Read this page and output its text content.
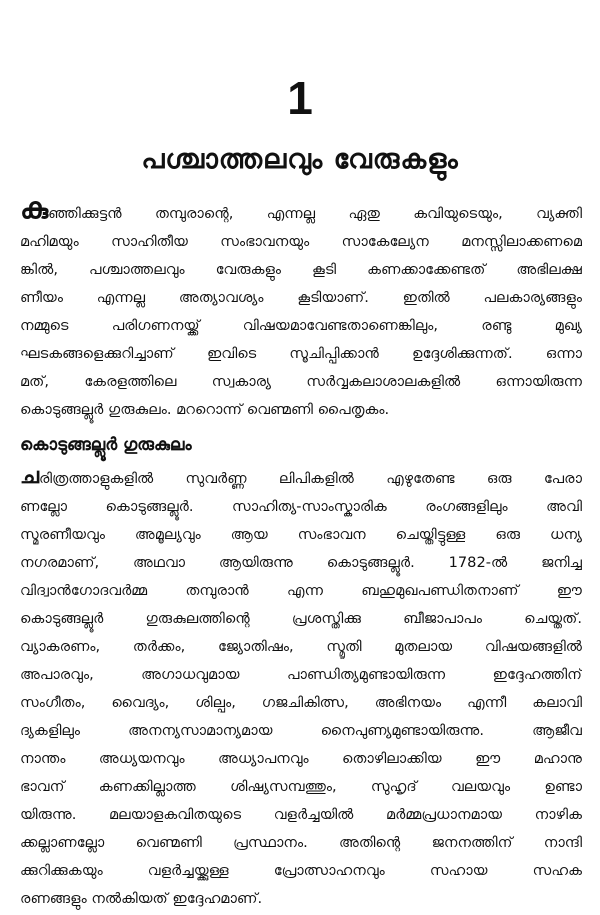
1
പശ്ചാത്തലവും വേരുകളും
കുഞ്ഞിക്കുട്ടൻ തമ്പുരാന്റെ, എന്നല്ല ഏതു കവിയുടെയും, വ്യക്തി
മഹിമയും സാഹിതീയ സംഭാവനയും സാകേല്യേന മനസ്സിലാക്കണമെ
ങ്കിൽ, പശ്ചാത്തലവും വേരുകളും കൂടി കണക്കാക്കേണ്ടത് അഭിലക്ഷ
ണീയം എന്നല്ല അത്യാവശ്യം കൂടിയാണ്. ഇതിൽ പലകാര്യങ്ങളും
നമ്മുടെ പരിഗണനയ്ക്ക് വിഷയമാവേണ്ടതാണെങ്കിലും, രണ്ടു മുഖ്യ
ഘടകങ്ങളെക്കുറിച്ചാണ് ഇവിടെ സൂചിപ്പിക്കാൻ ഉദ്ദേശിക്കുന്നത്. ഒന്നാ
മത്, കേരളത്തിലെ സ്വകാര്യ സർവ്വകലാശാലകളിൽ ഒന്നായിരുന്ന
കൊടുങ്ങല്ലൂർ ഗുരുകുലം. മററൊന്ന് വെണ്മണി പൈതൃകം.
കൊടുങ്ങല്ലൂർ ഗുരുകുലം
ചരിത്രത്താളുകളിൽ സുവർണ്ണ ലിപികളിൽ എഴുതേണ്ട ഒരു പേരാ
ണല്ലോ കൊടുങ്ങല്ലൂർ. സാഹിത്യ-സാംസ്കാരിക രംഗങ്ങളിലും അവി
സ്മരണീയവും അമൂല്യവും ആയ സംഭാവന ചെയ്തിട്ടുള്ള ഒരു ധന്യ
നഗരമാണ്, അഥവാ ആയിരുന്നു കൊടുങ്ങല്ലൂർ. 1782-ൽ ജനിച്ച
വിദ്വാൻഗോദവർമ്മ തമ്പുരാൻ എന്ന ബഹുമുഖപണ്ഡിതനാണ് ഈ
കൊടുങ്ങല്ലൂർ ഗുരുകുലത്തിന്റെ പ്രശസ്തിക്കു ബീജാപാപം ചെയ്തത്.
വ്യാകരണം, തർക്കം, ജ്യോതിഷം, സ്മൃതി മുതലായ വിഷയങ്ങളിൽ
അപാരവും, അഗാധവുമായ പാണ്ഡിത്യമുണ്ടായിരുന്ന ഇദ്ദേഹത്തിന്
സംഗീതം, വൈദ്യം, ശില്പം, ഗജചികിത്സ, അഭിനയം എന്നീ കലാവി
ദ്യകളിലും അനന്യസാമാന്യമായ നൈപുണ്യമുണ്ടായിരുന്നു. ആജീവ
നാന്തം അധ്യയനവും അധ്യാപനവും തൊഴിലാക്കിയ ഈ മഹാനു
ഭാവന് കണക്കില്ലാത്ത ശിഷ്യസമ്പത്തും, സുഹൃദ് വലയവും ഉണ്ടാ
യിരുന്നു. മലയാളകവിതയുടെ വളർച്ചയിൽ മർമ്മപ്രധാനമായ നാഴിക
ക്കല്ലാണല്ലോ വെണ്മണി പ്രസ്ഥാനം. അതിന്റെ ജനനത്തിന് നാന്ദി
ക്കുറിക്കുകയും വളർച്ചയ്ക്കുള്ള പ്രോത്സാഹനവും സഹായ സഹക
രണങ്ങളും നൽകിയത് ഇദ്ദേഹമാണ്.
